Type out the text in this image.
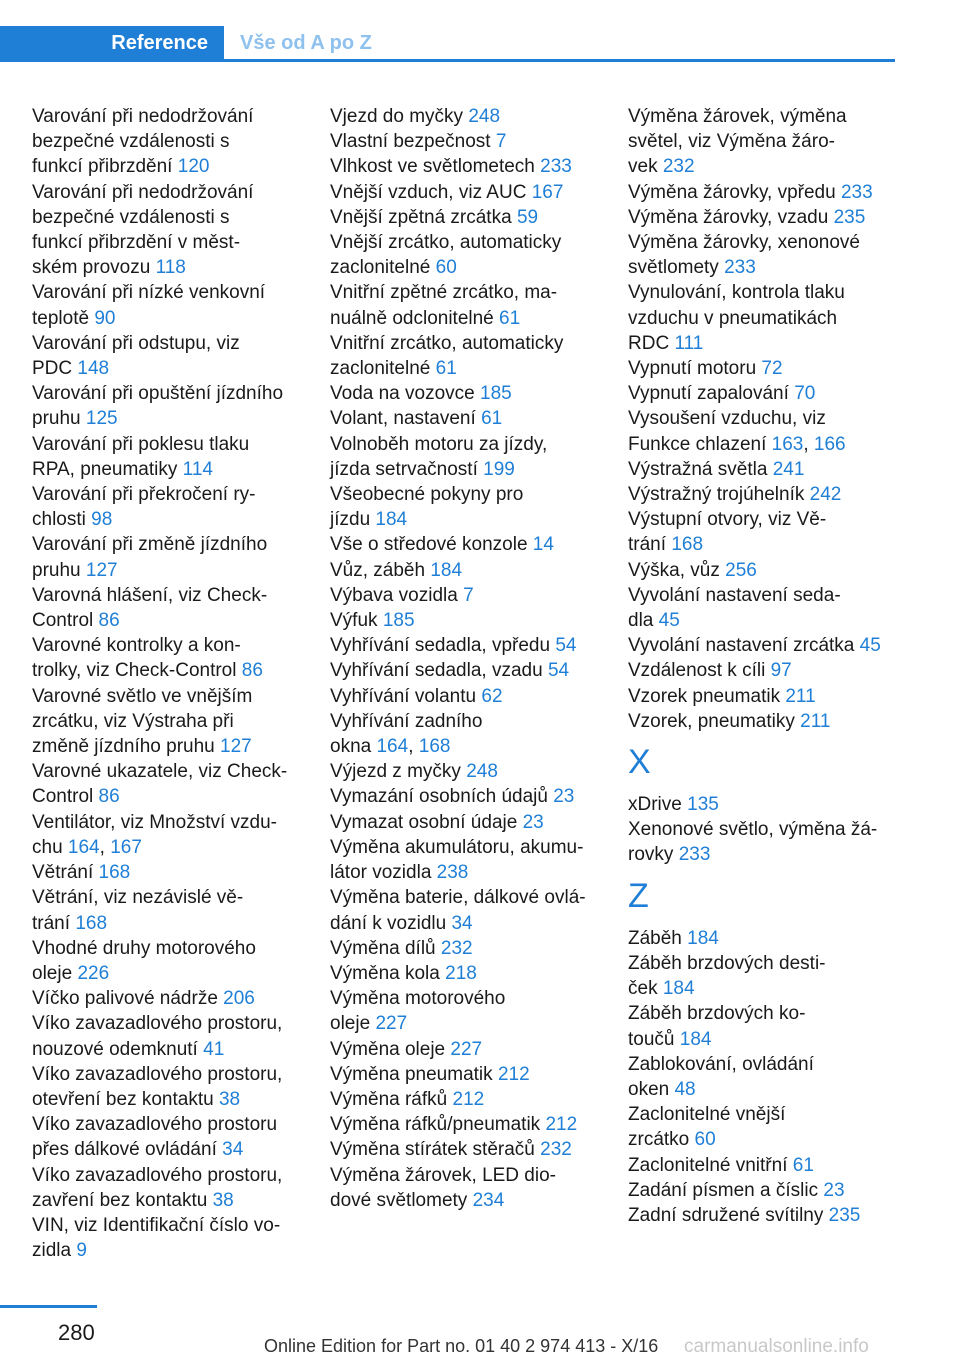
Reference	Vše od A po Z
Varování při nedodržování
bezpečné vzdálenosti s
funkcí přibrzdění 120
Varování při nedodržování
bezpečné vzdálenosti s
funkcí přibrzdění v měst-
ském provozu 118
Varování při nízké venkovní
teplotě 90
Varování při odstupu, viz
PDC 148
Varování při opuštění jízdního
pruhu 125
Varování při poklesu tlaku
RPA, pneumatiky 114
Varování při překročení ry-
chlosti 98
Varování při změně jízdního
pruhu 127
Varovná hlášení, viz Check-
Control 86
Varovné kontrolky a kon-
trolky, viz Check-Control 86
Varovné světlo ve vnějším
zrcátku, viz Výstraha při
změně jízdního pruhu 127
Varovné ukazatele, viz Check-
Control 86
Ventilátor, viz Množství vzdu-
chu 164, 167
Větrání 168
Větrání, viz nezávislé vě-
trání 168
Vhodné druhy motorového
oleje 226
Víčko palivové nádrže 206
Víko zavazadlového prostoru,
nouzové odemknutí 41
Víko zavazadlového prostoru,
otevření bez kontaktu 38
Víko zavazadlového prostoru
přes dálkové ovládání 34
Víko zavazadlového prostoru,
zavření bez kontaktu 38
VIN, viz Identifikační číslo vo-
zidla 9
Vjezd do myčky 248
Vlastní bezpečnost 7
Vlhkost ve světlometech 233
Vnější vzduch, viz AUC 167
Vnější zpětná zrcátka 59
Vnější zrcátko, automaticky
zaclonitelné 60
Vnitřní zpětné zrcátko, ma-
nuálně odclonitelné 61
Vnitřní zrcátko, automaticky
zaclonitelné 61
Voda na vozovce 185
Volant, nastavení 61
Volnoběh motoru za jízdy,
jízda setrvačností 199
Všeobecné pokyny pro
jízdu 184
Vše o středové konzole 14
Vůz, záběh 184
Výbava vozidla 7
Výfuk 185
Vyhřívání sedadla, vpředu 54
Vyhřívání sedadla, vzadu 54
Vyhřívání volantu 62
Vyhřívání zadního
okna 164, 168
Výjezd z myčky 248
Vymazání osobních údajů 23
Vymazat osobní údaje 23
Výměna akumulátoru, akumu-
látor vozidla 238
Výměna baterie, dálkové ovlá-
dání k vozidlu 34
Výměna dílů 232
Výměna kola 218
Výměna motorového
oleje 227
Výměna oleje 227
Výměna pneumatik 212
Výměna ráfků 212
Výměna ráfků/pneumatik 212
Výměna stírátek stěračů 232
Výměna žárovek, LED dio-
dové světlomety 234
Výměna žárovek, výměna
světel, viz Výměna žáro-
vek 232
Výměna žárovky, vpředu 233
Výměna žárovky, vzadu 235
Výměna žárovky, xenonové
světlomety 233
Vynulování, kontrola tlaku
vzduchu v pneumatikách
RDC 111
Vypnutí motoru 72
Vypnutí zapalování 70
Vysoušení vzduchu, viz
Funkce chlazení 163, 166
Výstražná světla 241
Výstražný trojúhelník 242
Výstupní otvory, viz Vě-
trání 168
Výška, vůz 256
Vyvolání nastavení seda-
dla 45
Vyvolání nastavení zrcátka 45
Vzdálenost k cíli 97
Vzorek pneumatik 211
Vzorek, pneumatiky 211
X
xDrive 135
Xenonové světlo, výměna žá-
rovky 233
Z
Záběh 184
Záběh brzdových desti-
ček 184
Záběh brzdových ko-
toučů 184
Zablokování, ovládání
oken 48
Zaclonitelné vnější
zrcátko 60
Zaclonitelné vnitřní 61
Zadání písmen a číslic 23
Zadní sdružené svítilny 235
280
Online Edition for Part no. 01 40 2 974 413 - X/16 carmanualsonline.info
